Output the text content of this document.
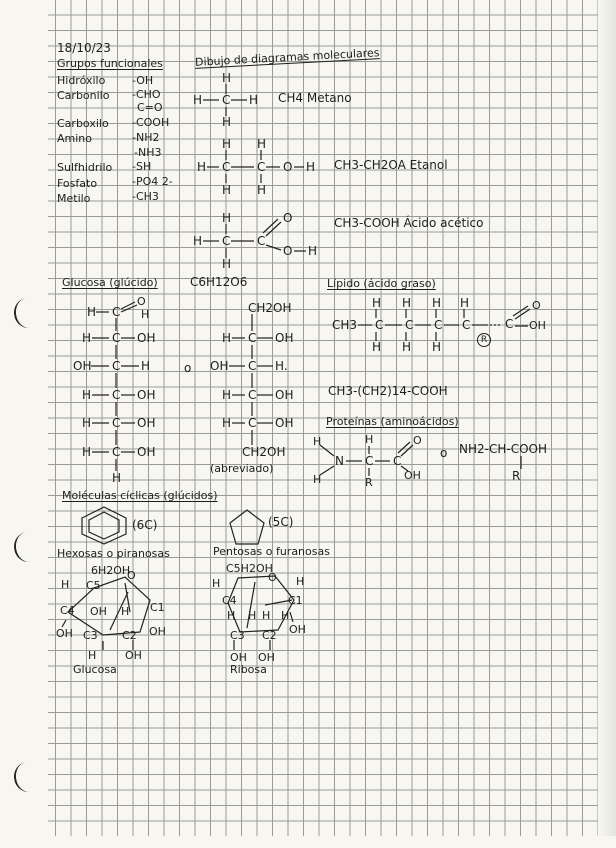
18/10/23
Grupos funcionales
Hidróxilo -OH
Carbonilo -CHO
C=O
Carboxilo -COOH
Amino	-NH2
-NH3
Sulfhidrilo -SH
Fosfato	-PO4 2-
Metilo	-CH3
Dibujo de diagramas moleculares
H
H C H
H
CH4 Metano
H H
H C C O H
H H
CH3-CH2OA Etanol
H	O
H C C
O H
H
CH3-COOH Ácido acético
Glucosa (glúcido)	C6H12O6
H C
O
H
H C OH
OH C H
H C OH
H C OH
H C OH
H
o
CH2OH
H C OH
OH C H.
H C OH
H C OH
CH2OH
(abreviado)
Lípido (ácido graso)
CH3
H H H H
C C C C
H H H
C
O
OH
R
CH3-(CH2)14-COOH
Proteínas (aminoácidos)
H
N
H
H
C
R
C
O
OH
o NH2-CH-COOH
R
Moléculas cíclicas (glúcidos)
(6C)	(5C)
Hexosas o piranosas	Pentosas o furanosas
6H2OH
H C5
O
C4 OH H C1
OH C3 C2 OH
H	OH
Glucosa
C5H2OH
H	O H
C4	C1
H H H H
C3 C2 OH
OH OH
Ribosa
